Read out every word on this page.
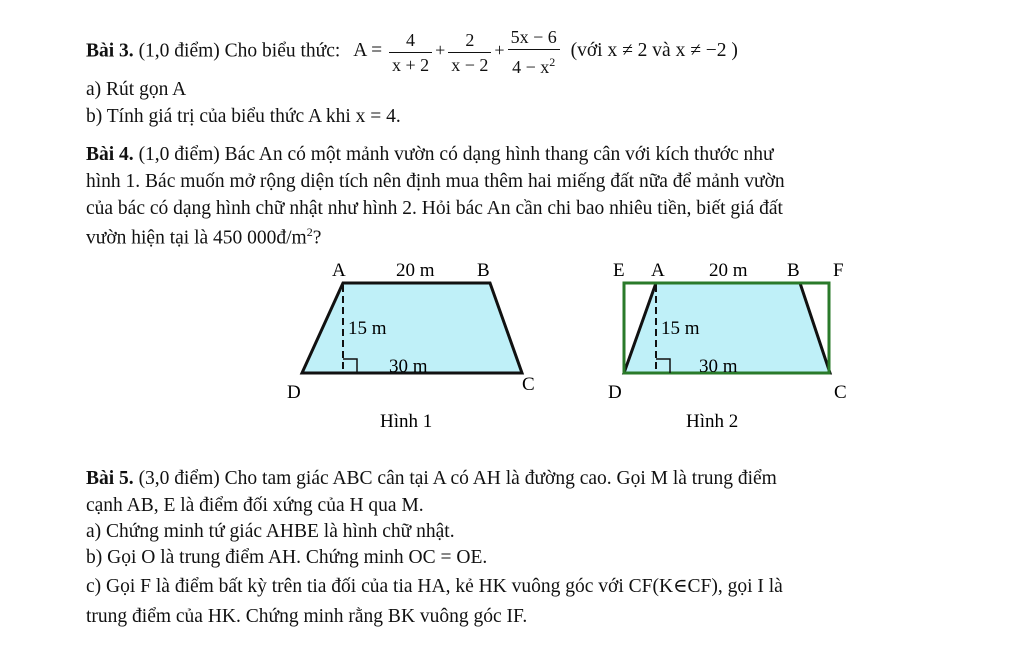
Bài 3. (1,0 điểm) Cho biểu thức: $A = \frac{4}{x + 2} + \frac{2}{x - 2} + \frac{5x - 6}{4 - x^2}$ (với x ≠ 2 và x ≠ −2 )
a) Rút gọn A
b) Tính giá trị của biểu thức A khi x = 4.
Bài 4. (1,0 điểm) Bác An có một mảnh vườn có dạng hình thang cân với kích thước như
hình 1. Bác muốn mở rộng diện tích nên định mua thêm hai miếng đất nữa để mảnh vườn
của bác có dạng hình chữ nhật như hình 2. Hỏi bác An cần chi bao nhiêu tiền, biết giá đất
vườn hiện tại là 450 $000đ/m^2$?
A	20 m B
15 m
30 m
D	C
Hình 1
E A 20 m B F
15 m
30 m
D	C
Hình 2
Bài 5. (3,0 điểm) Cho tam giác ABC cân tại A có AH là đường cao. Gọi M là trung điểm
cạnh AB, E là điểm đối xứng của H qua M.
a) Chứng minh tứ giác AHBE là hình chữ nhật.
b) Gọi O là trung điểm AH. Chứng minh OC = OE.
c) Gọi F là điểm bất kỳ trên tia đối của tia HA, kẻ HK vuông góc với CF(K∈CF), gọi I là
trung điểm của HK. Chứng minh rằng BK vuông góc IF.
